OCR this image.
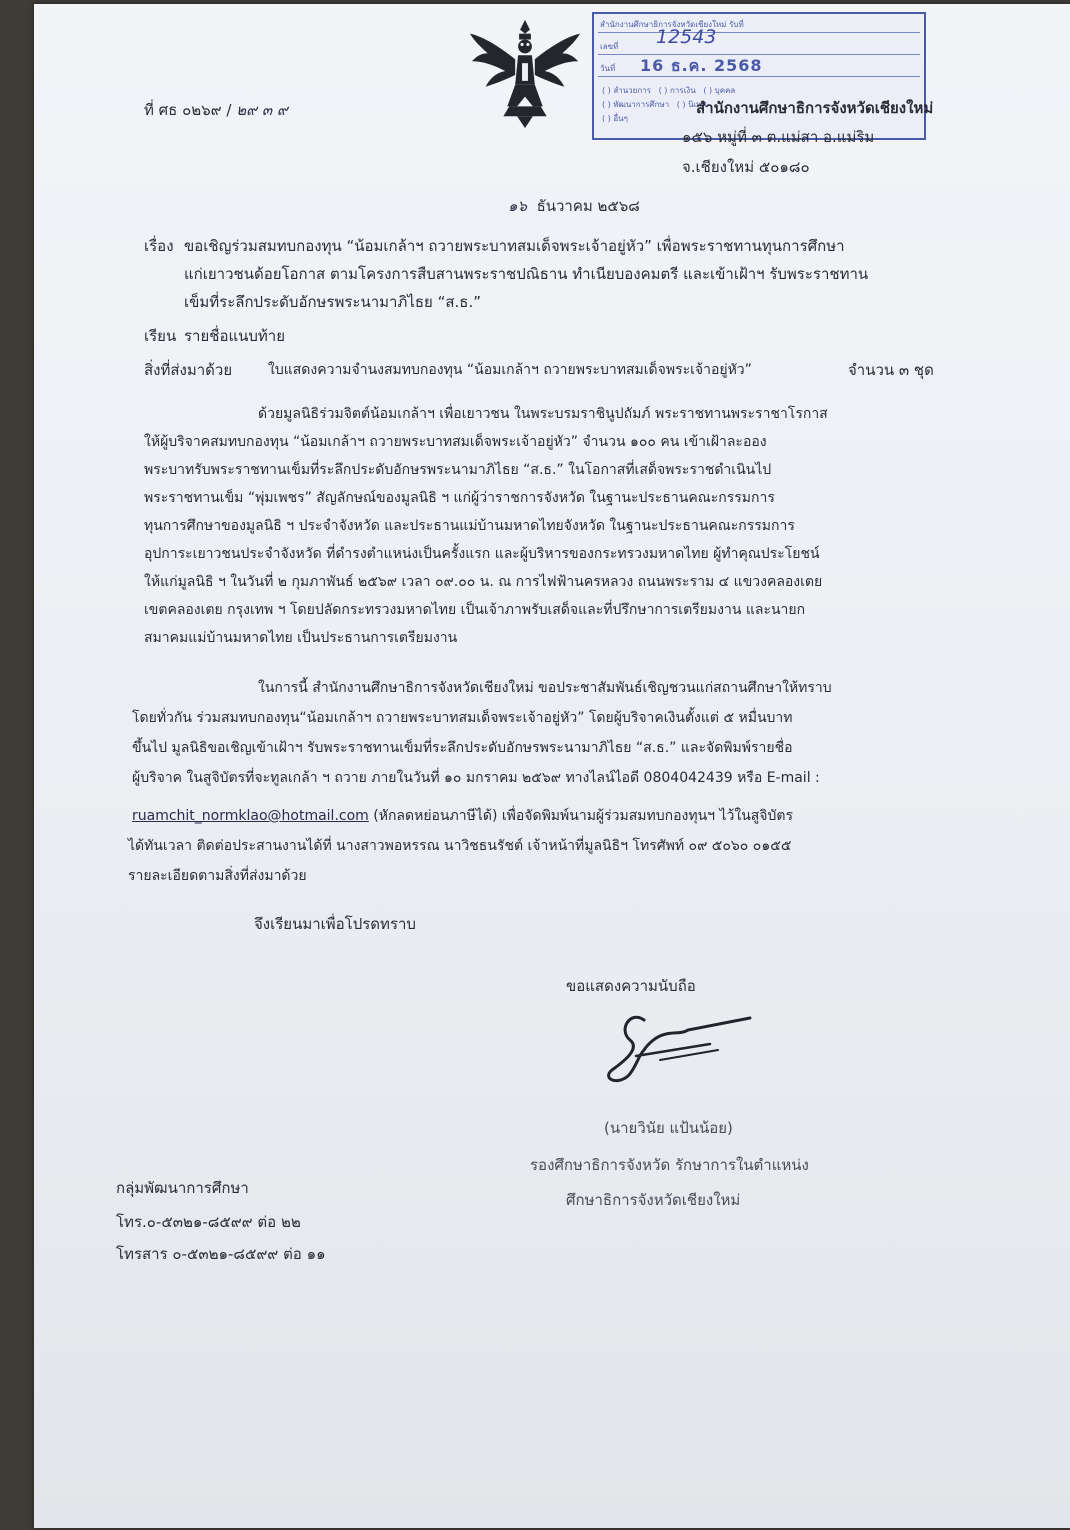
สำนักงานศึกษาธิการจังหวัดเชียงใหม่ รับที่
เลขที่ 12543
วันที่ 16 ธ.ค. 2568
( ) สำนวยการ   ( ) การเงิน   ( ) บุคคล
( ) พัฒนาการศึกษา   ( ) นิเทศ
( ) อื่นๆ
ที่ ศธ ๐๒๖๙ / ๒๙ ๓ ๙	สำนักงานศึกษาธิการจังหวัดเชียงใหม่
๑๕๖ หมู่ที่ ๓ ต.แม่สา อ.แม่ริม
จ.เชียงใหม่ ๕๐๑๘๐
๑๖ ธันวาคม ๒๕๖๘
เรื่อง ขอเชิญร่วมสมทบกองทุน “น้อมเกล้าฯ ถวายพระบาทสมเด็จพระเจ้าอยู่หัว” เพื่อพระราชทานทุนการศึกษา
แก่เยาวชนด้อยโอกาส ตามโครงการสืบสานพระราชปณิธาน ทำเนียบองคมตรี และเข้าเฝ้าฯ รับพระราชทาน
เข็มที่ระลึกประดับอักษรพระนามาภิไธย “ส.ธ.”
เรียน รายชื่อแนบท้าย
สิ่งที่ส่งมาด้วย	ใบแสดงความจำนงสมทบกองทุน “น้อมเกล้าฯ ถวายพระบาทสมเด็จพระเจ้าอยู่หัว”	จำนวน ๓ ชุด
ด้วยมูลนิธิร่วมจิตต์น้อมเกล้าฯ เพื่อเยาวชน ในพระบรมราชินูปถัมภ์ พระราชทานพระราชาโรกาส
ให้ผู้บริจาคสมทบกองทุน “น้อมเกล้าฯ ถวายพระบาทสมเด็จพระเจ้าอยู่หัว” จำนวน ๑๐๐ คน เข้าเฝ้าละออง
พระบาทรับพระราชทานเข็มที่ระลึกประดับอักษรพระนามาภิไธย “ส.ธ.” ในโอกาสที่เสด็จพระราชดำเนินไป
พระราชทานเข็ม “พุ่มเพชร” สัญลักษณ์ของมูลนิธิ ฯ แก่ผู้ว่าราชการจังหวัด ในฐานะประธานคณะกรรมการ
ทุนการศึกษาของมูลนิธิ ฯ ประจำจังหวัด และประธานแม่บ้านมหาดไทยจังหวัด ในฐานะประธานคณะกรรมการ
อุปการะเยาวชนประจำจังหวัด ที่ดำรงตำแหน่งเป็นครั้งแรก และผู้บริหารของกระทรวงมหาดไทย ผู้ทำคุณประโยชน์
ให้แก่มูลนิธิ ฯ ในวันที่ ๒ กุมภาพันธ์ ๒๕๖๙ เวลา ๐๙.๐๐ น. ณ การไฟฟ้านครหลวง ถนนพระราม ๔ แขวงคลองเตย
เขตคลองเตย กรุงเทพ ฯ โดยปลัดกระทรวงมหาดไทย เป็นเจ้าภาพรับเสด็จและที่ปรึกษาการเตรียมงาน และนายก
สมาคมแม่บ้านมหาดไทย เป็นประธานการเตรียมงาน
ในการนี้ สำนักงานศึกษาธิการจังหวัดเชียงใหม่ ขอประชาสัมพันธ์เชิญชวนแก่สถานศึกษาให้ทราบ
โดยทั่วกัน ร่วมสมทบกองทุน“น้อมเกล้าฯ ถวายพระบาทสมเด็จพระเจ้าอยู่หัว” โดยผู้บริจาคเงินตั้งแต่ ๕ หมื่นบาท
ขึ้นไป มูลนิธิขอเชิญเข้าเฝ้าฯ รับพระราชทานเข็มที่ระลึกประดับอักษรพระนามาภิไธย “ส.ธ.” และจัดพิมพ์รายชื่อ
ผู้บริจาค ในสูจิบัตรที่จะทูลเกล้า ฯ ถวาย ภายในวันที่ ๑๐ มกราคม ๒๕๖๙ ทางไลน์ไอดี 0804042439 หรือ E-mail :
ruamchit_normklao@hotmail.com (หักลดหย่อนภาษีได้) เพื่อจัดพิมพ์นามผู้ร่วมสมทบกองทุนฯ ไว้ในสูจิบัตร
ได้ทันเวลา ติดต่อประสานงานได้ที่ นางสาวพอหรรณ นาวิชธนรัชต์ เจ้าหน้าที่มูลนิธิฯ โทรศัพท์ ๐๙ ๕๐๖๐ ๐๑๕๕
รายละเอียดตามสิ่งที่ส่งมาด้วย
จึงเรียนมาเพื่อโปรดทราบ
ขอแสดงความนับถือ
(นายวินัย แป้นน้อย)
รองศึกษาธิการจังหวัด รักษาการในตำแหน่ง
ศึกษาธิการจังหวัดเชียงใหม่
กลุ่มพัฒนาการศึกษา
โทร.๐-๕๓๒๑-๘๕๙๙ ต่อ ๒๒
โทรสาร ๐-๕๓๒๑-๘๕๙๙ ต่อ ๑๑
